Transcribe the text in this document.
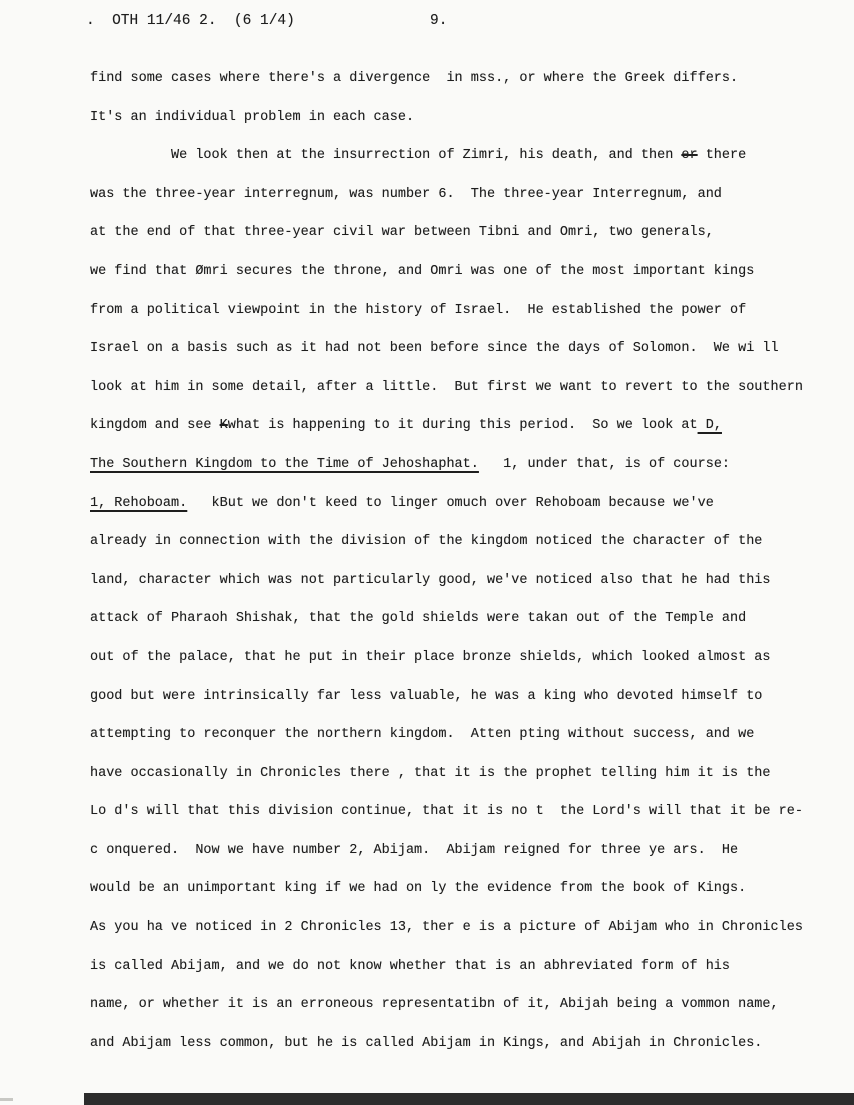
.  OTH 11/46 2.  (6 1/4)	9.
find some cases where there's a divergence  in mss., or where the Greek differs.
It's an individual problem in each case.
We look then at the insurrection of Zimri, his death, and then er there
was the three-year interregnum, was number 6.  The three-year Interregnum, and
at the end of that three-year civil war between Tibni and Omri, two generals,
we find that Ømri secures the throne, and Omri was one of the most important kings
from a political viewpoint in the history of Israel.  He established the power of
Israel on a basis such as it had not been before since the days of Solomon.  We wi ll
look at him in some detail, after a little.  But first we want to revert to the southern
kingdom and see Kwhat is happening to it during this period.  So we look at D,
The Southern Kingdom to the Time of Jehoshaphat.   1, under that, is of course:
1, Rehoboam.   kBut we don't keed to linger omuch over Rehoboam because we've
already in connection with the division of the kingdom noticed the character of the
land, character which was not particularly good, we've noticed also that he had this
attack of Pharaoh Shishak, that the gold shields were takan out of the Temple and
out of the palace, that he put in their place bronze shields, which looked almost as
good but were intrinsically far less valuable, he was a king who devoted himself to
attempting to reconquer the northern kingdom.  Atten pting without success, and we
have occasionally in Chronicles there , that it is the prophet telling him it is the
Lo d's will that this division continue, that it is no t  the Lord's will that it be re-
c onquered.  Now we have number 2, Abijam.  Abijam reigned for three ye ars.  He
would be an unimportant king if we had on ly the evidence from the book of Kings.
As you ha ve noticed in 2 Chronicles 13, ther e is a picture of Abijam who in Chronicles
is called Abijam, and we do not know whether that is an abhreviated form of his
name, or whether it is an erroneous representatibn of it, Abijah being a vommon name,
and Abijam less common, but he is called Abijam in Kings, and Abijah in Chronicles.
